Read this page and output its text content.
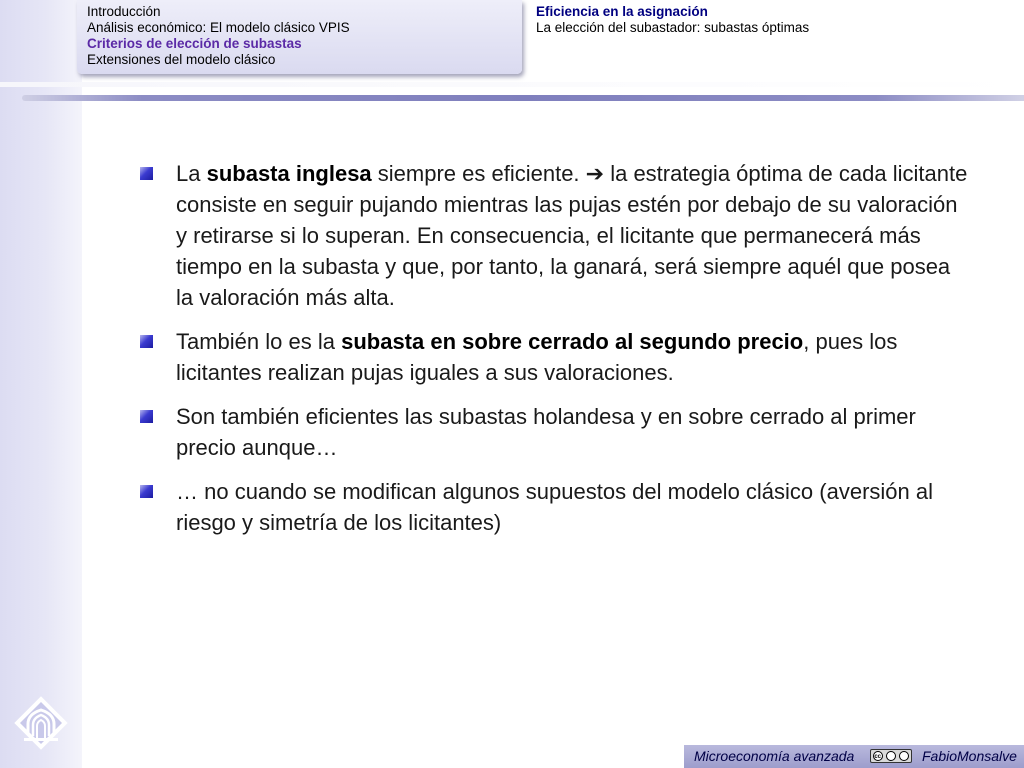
Introducción
Análisis económico: El modelo clásico VPIS
Criterios de elección de subastas
Extensiones del modelo clásico
Eficiencia en la asignación
La elección del subastador: subastas óptimas
La subasta inglesa siempre es eficiente. ➔ la estrategia óptima de cada licitante consiste en seguir pujando mientras las pujas estén por debajo de su valoración y retirarse si lo superan. En consecuencia, el licitante que permanecerá más tiempo en la subasta y que, por tanto, la ganará, será siempre aquél que posea la valoración más alta.
También lo es la subasta en sobre cerrado al segundo precio, pues los licitantes realizan pujas iguales a sus valoraciones.
Son también eficientes las subastas holandesa y en sobre cerrado al primer precio aunque…
… no cuando se modifican algunos supuestos del modelo clásico (aversión al riesgo y simetría de los licitantes)
Microeconomía avanzada	cc	FabioMonsalve
